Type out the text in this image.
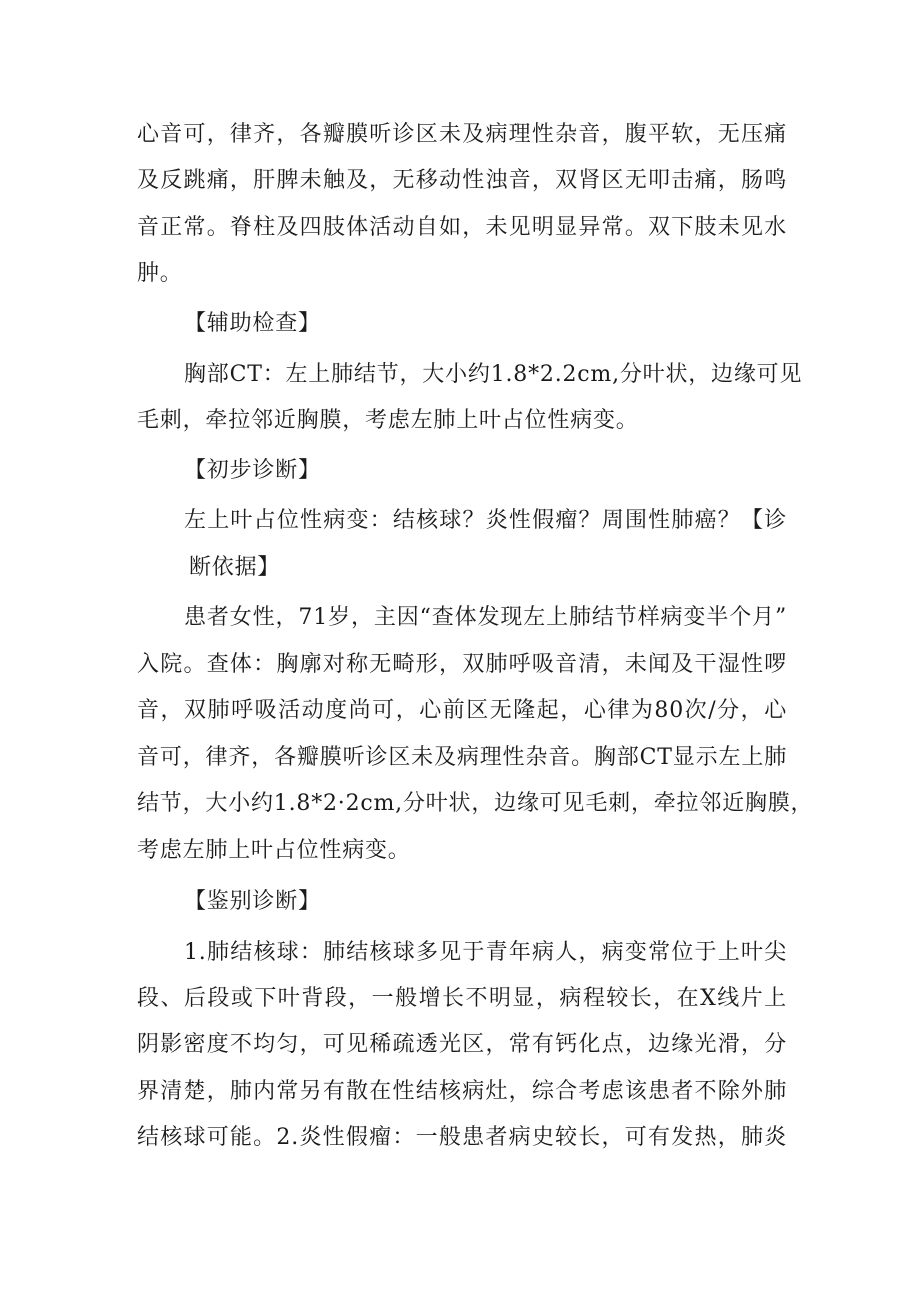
心音可，律齐，各瓣膜听诊区未及病理性杂音，腹平软，无压痛
及反跳痛，肝脾未触及，无移动性浊音，双肾区无叩击痛，肠鸣
音正常。脊柱及四肢体活动自如，未见明显异常。双下肢未见水
肿。
【辅助检查】
胸部CT：左上肺结节，大小约1.8*2.2cm,分叶状，边缘可见
毛刺，牵拉邻近胸膜，考虑左肺上叶占位性病变。
【初步诊断】
左上叶占位性病变：结核球？炎性假瘤？周围性肺癌？【诊
断依据】
患者女性，71岁，主因“查体发现左上肺结节样病变半个月”
入院。查体：胸廓对称无畸形，双肺呼吸音清，未闻及干湿性啰
音，双肺呼吸活动度尚可，心前区无隆起，心律为80次/分，心
音可，律齐，各瓣膜听诊区未及病理性杂音。胸部CT显示左上肺
结节，大小约1.8*2·2cm,分叶状，边缘可见毛刺，牵拉邻近胸膜，
考虑左肺上叶占位性病变。
【鉴别诊断】
1.肺结核球：肺结核球多见于青年病人，病变常位于上叶尖
段、后段或下叶背段，一般增长不明显，病程较长，在X线片上
阴影密度不均匀，可见稀疏透光区，常有钙化点，边缘光滑，分
界清楚，肺内常另有散在性结核病灶，综合考虑该患者不除外肺
结核球可能。2.炎性假瘤：一般患者病史较长，可有发热，肺炎
